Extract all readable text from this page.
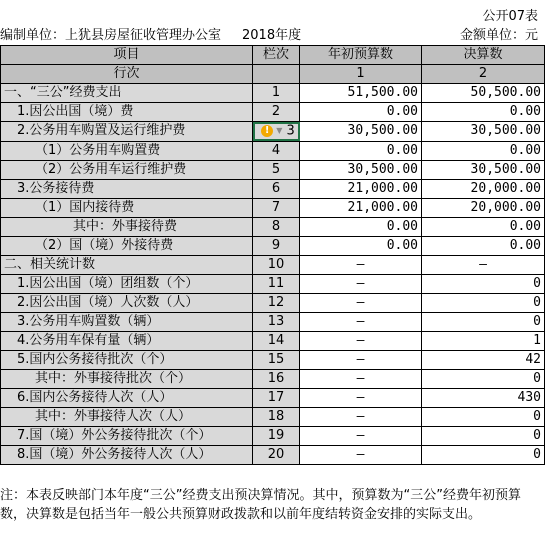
公开07表
编制单位：上犹县房屋征收管理办公室 2018年度	金额单位：元
项目	栏次	年初预算数	决算数
行次		1	2
一、“三公”经费支出	1	51,500.00	50,500.00
1.因公出国（境）费	2	0.00	0.00
2.公务用车购置及运行维护费	! ▼ 3	30,500.00	30,500.00
（1）公务用车购置费	4	0.00	0.00
（2）公务用车运行维护费	5	30,500.00	30,500.00
3.公务接待费	6	21,000.00	20,000.00
（1）国内接待费	7	21,000.00	20,000.00
其中：外事接待费	8	0.00	0.00
（2）国（境）外接待费	9	0.00	0.00
二、相关统计数	10	—	—
1.因公出国（境）团组数（个）	11	—	0
2.因公出国（境）人次数（人）	12	—	0
3.公务用车购置数（辆）	13	—	0
4.公务用车保有量（辆）	14	—	1
5.国内公务接待批次（个）	15	—	42
其中：外事接待批次（个）	16	—	0
6.国内公务接待人次（人）	17	—	430
其中：外事接待人次（人）	18	—	0
7.国（境）外公务接待批次（个）	19	—	0
8.国（境）外公务接待人次（人）	20	—	0
注：本表反映部门本年度“三公”经费支出预决算情况。其中，预算数为“三公”经费年初预算数，决算数是包括当年一般公共预算财政拨款和以前年度结转资金安排的实际支出。
